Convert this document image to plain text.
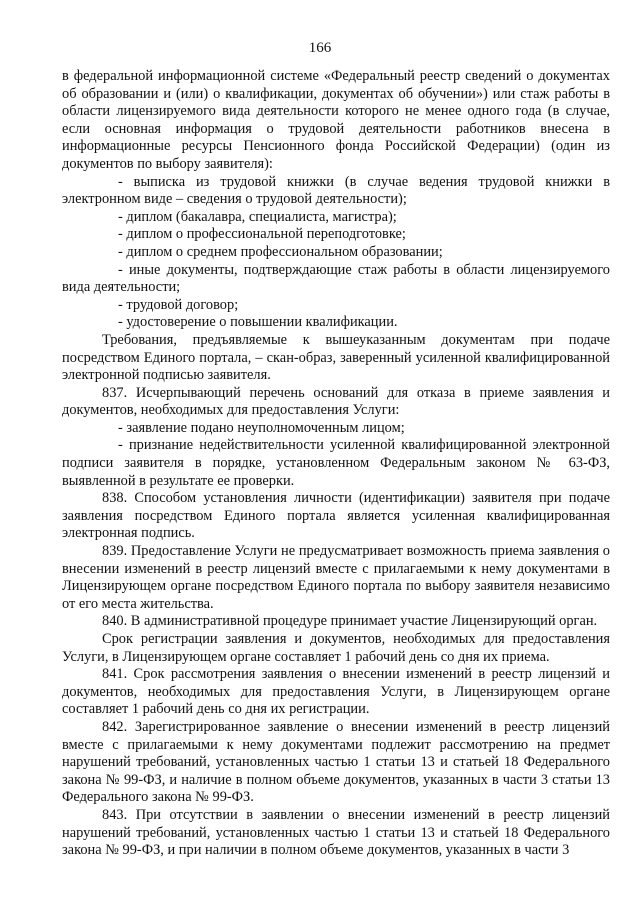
166

в федеральной информационной системе «Федеральный реестр сведений о документах об образовании и (или) о квалификации, документах об обучении») или стаж работы в области лицензируемого вида деятельности которого не менее одного года (в случае, если основная информация о трудовой деятельности работников внесена в информационные ресурсы Пенсионного фонда Российской Федерации) (один из документов по выбору заявителя):

- выписка из трудовой книжки (в случае ведения трудовой книжки в электронном виде – сведения о трудовой деятельности);

- диплом (бакалавра, специалиста, магистра);

- диплом о профессиональной переподготовке;

- диплом о среднем профессиональном образовании;

- иные документы, подтверждающие стаж работы в области лицензируемого вида деятельности;

- трудовой договор;

- удостоверение о повышении квалификации.

Требования, предъявляемые к вышеуказанным документам при подаче посредством Единого портала, – скан-образ, заверенный усиленной квалифицированной электронной подписью заявителя.

837. Исчерпывающий перечень оснований для отказа в приеме заявления и документов, необходимых для предоставления Услуги:

- заявление подано неуполномоченным лицом;

- признание недействительности усиленной квалифицированной электронной подписи заявителя в порядке, установленном Федеральным законом № 63-ФЗ, выявленной в результате ее проверки.

838. Способом установления личности (идентификации) заявителя при подаче заявления посредством Единого портала является усиленная квалифицированная электронная подпись.

839. Предоставление Услуги не предусматривает возможность приема заявления о внесении изменений в реестр лицензий вместе с прилагаемыми к нему документами в Лицензирующем органе посредством Единого портала по выбору заявителя независимо от его места жительства.

840. В административной процедуре принимает участие Лицензирующий орган.

Срок регистрации заявления и документов, необходимых для предоставления Услуги, в Лицензирующем органе составляет 1 рабочий день со дня их приема.

841. Срок рассмотрения заявления о внесении изменений в реестр лицензий и документов, необходимых для предоставления Услуги, в Лицензирующем органе составляет 1 рабочий день со дня их регистрации.

842. Зарегистрированное заявление о внесении изменений в реестр лицензий вместе с прилагаемыми к нему документами подлежит рассмотрению на предмет нарушений требований, установленных частью 1 статьи 13 и статьей 18 Федерального закона № 99-ФЗ, и наличие в полном объеме документов, указанных в части 3 статьи 13 Федерального закона № 99-ФЗ.

843. При отсутствии в заявлении о внесении изменений в реестр лицензий нарушений требований, установленных частью 1 статьи 13 и статьей 18 Федерального закона № 99-ФЗ, и при наличии в полном объеме документов, указанных в части 3
